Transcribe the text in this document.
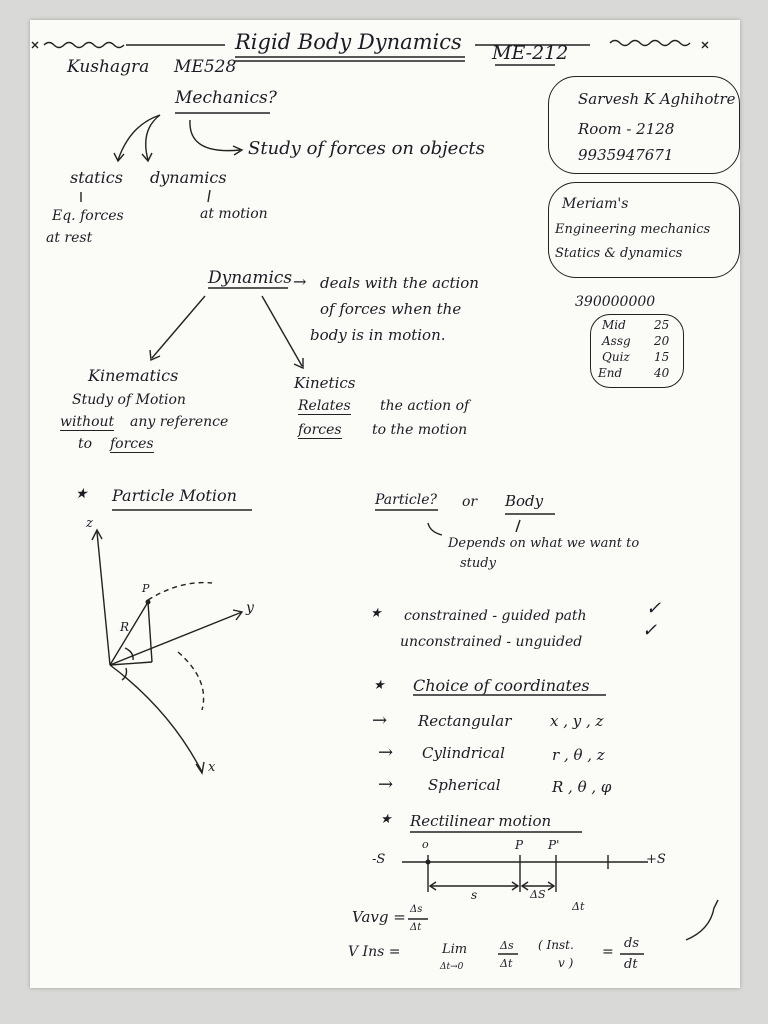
Rigid Body Dynamics ME-212
Kushagra ME528
Sarvesh K Aghihotre
Room - 2128
9935947671
Meriam's
Engineering mechanics
Statics & dynamics
390000000
Mid 25
Assg 20
Quiz 15
End	40
Mechanics?
Study of forces on objects
statics dynamics
Eq. forces
at rest
at motion
Dynamics → deals with the action
of forces when the
body is in motion.
Kinematics
Study of Motion
without any reference
to forces
Kinetics
Relates the action of
forces to the motion
★ Particle Motion
z
y
x
P
R
Particle? or Body
Depends on what we want to
study
★ constrained - guided path	✓
unconstrained - unguided
✓
★ Choice of coordinates
→ Rectangular	x , y , z
→ Cylindrical	r , θ , z
→ Spherical	R , θ , φ
★ Rectilinear motion
-S	+S
o	P P'
s	ΔS
Δt
Vavg = Δs
Δt
V Ins =	Lim
Δt→0
Δs
Δt
( Inst.
v )
=
ds
dt
